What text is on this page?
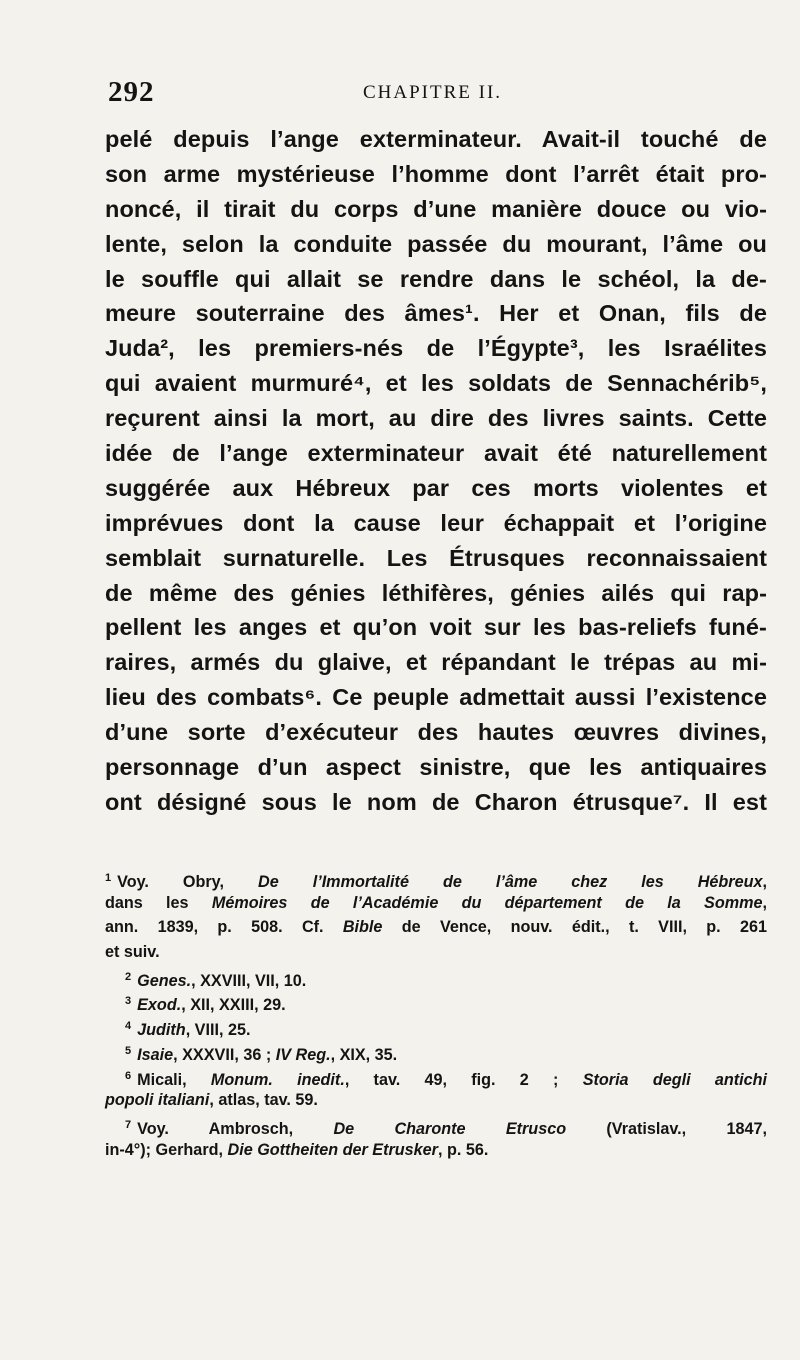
292	CHAPITRE II.
pelé depuis l’ange exterminateur. Avait-il touché de
son arme mystérieuse l’homme dont l’arrêt était pro-
noncé, il tirait du corps d’une manière douce ou vio-
lente, selon la conduite passée du mourant, l’âme ou
le souffle qui allait se rendre dans le schéol, la de-
meure souterraine des âmes¹. Her et Onan, fils de
Juda², les premiers-nés de l’Égypte³, les Israélites
qui avaient murmuré⁴, et les soldats de Sennachérib⁵,
reçurent ainsi la mort, au dire des livres saints. Cette
idée de l’ange exterminateur avait été naturellement
suggérée aux Hébreux par ces morts violentes et
imprévues dont la cause leur échappait et l’origine
semblait surnaturelle. Les Étrusques reconnaissaient
de même des génies léthifères, génies ailés qui rap-
pellent les anges et qu’on voit sur les bas-reliefs funé-
raires, armés du glaive, et répandant le trépas au mi-
lieu des combats⁶. Ce peuple admettait aussi l’existence
d’une sorte d’exécuteur des hautes œuvres divines,
personnage d’un aspect sinistre, que les antiquaires
ont désigné sous le nom de Charon étrusque⁷. Il est
$^1$ Voy. Obry, De l’Immortalité de l’âme chez les Hébreux,
dans les Mémoires de l’Académie du département de la Somme,
ann. 1839, p. 508. Cf. Bible de Vence, nouv. édit., t. VIII, p. 261
et suiv.
$^2$ Genes., XXVIII, VII, 10.
$^3$ Exod., XII, XXIII, 29.
$^4$ Judith, VIII, 25.
$^5$ Isaie, XXXVII, 36 ; IV Reg., XIX, 35.
$^6$ Micali, Monum. inedit., tav. 49, fig. 2 ; Storia degli antichi
popoli italiani, atlas, tav. 59.
$^7$ Voy. Ambrosch, De Charonte Etrusco (Vratislav., 1847,
in-4°); Gerhard, Die Gottheiten der Etrusker, p. 56.
